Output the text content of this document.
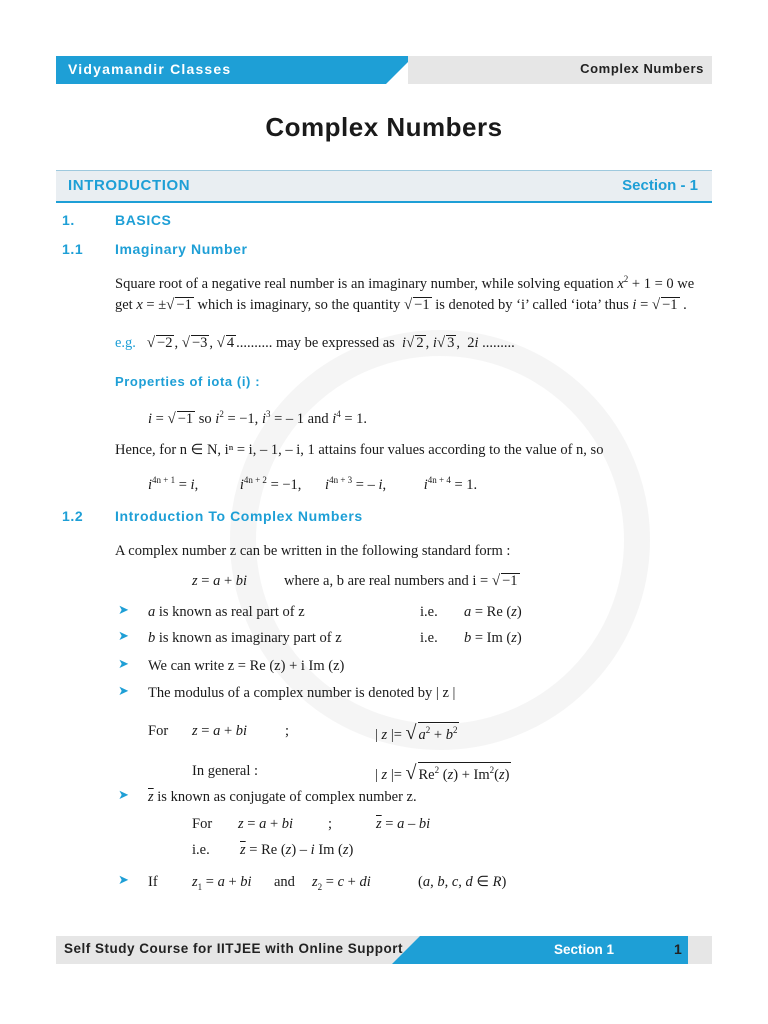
Vidyamandir Classes	Complex Numbers
Complex Numbers
INTRODUCTION	Section - 1
1.	BASICS
1.1 Imaginary Number
Square root of a negative real number is an imaginary number, while solving equation $x^2 + 1 = 0$ we
get x = ±√ −1 which is imaginary, so the quantity √ −1 is denoted by ‘i’ called ‘iota’ thus i = √ −1 .
e.g. √ −2 , √ −3 , √ 4 .......... may be expressed as i√ 2 , i√ 3 ,  2i .........
Properties of iota (i) :
i = √ −1 so $i^2 = -1$, $i^3$ = – 1 and $i^4 = 1$.
Hence, for n ∈ N, iⁿ = i, – 1, – i, 1 attains four values according to the value of n, so
$i^{4n + 1} = i$,	$i^{4n + 2} = -1$, $i^{4n + 3}$ = – i, $i^{4n + 4} = 1$.
1.2 Introduction To Complex Numbers
A complex number z can be written in the following standard form :
z = a + bi	where a, b are real numbers and i = √ −1
➤ a is known as real part of z	i.e. a = Re (z)
➤ b is known as imaginary part of z	i.e. b = Im (z)
➤ We can write z = Re (z) + i Im (z)
➤ The modulus of a complex number is denoted by | z |
For z = a + bi	;	| z |= √ $a^2 + b^2$
In general :	| z |= √ Re$^2$ $(z) + Im^2(z)$
➤ $\overline{z}$ is known as conjugate of complex number z.
For z = a + bi ;	$\overline{z} = a$ – bi
i.e. $\overline{z} = Re$ (z) – i Im (z)
➤ If $z_1 = a$ + bi and $z_2 = c$ + di	(a, b, c, d ∈ R)
Self Study Course for IITJEE with Online Support	Section 1	1
